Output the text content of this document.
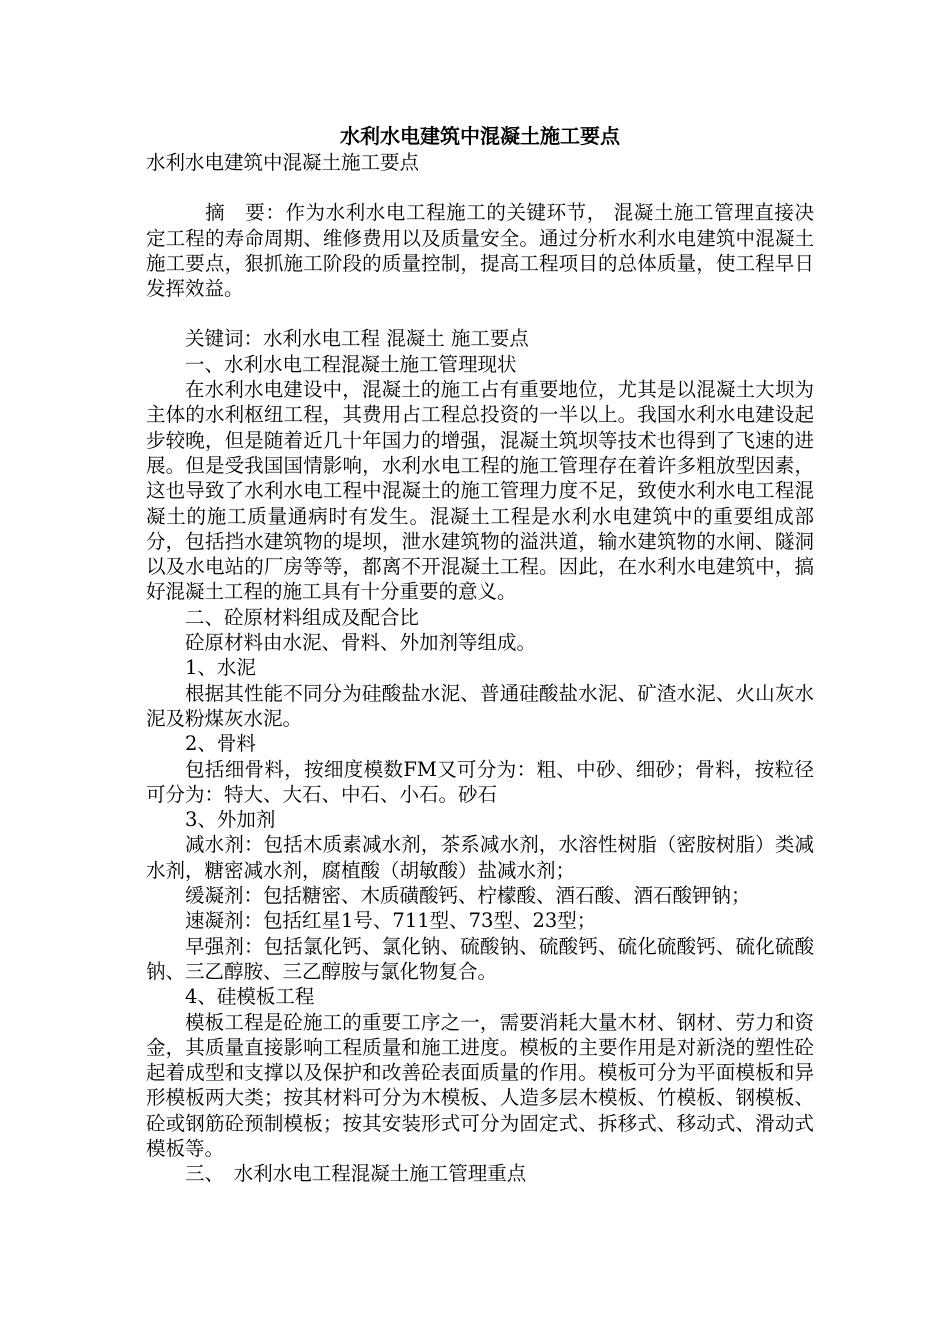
水利水电建筑中混凝土施工要点

水利水电建筑中混凝土施工要点

　摘　要：作为水利水电工程施工的关键环节， 混凝土施工管理直接决定工程的寿命周期、维修费用以及质量安全。通过分析水利水电建筑中混凝土施工要点，狠抓施工阶段的质量控制，提高工程项目的总体质量，使工程早日发挥效益。

关键词：水利水电工程 混凝土 施工要点

一、水利水电工程混凝土施工管理现状

在水利水电建设中，混凝土的施工占有重要地位，尤其是以混凝土大坝为主体的水利枢纽工程，其费用占工程总投资的一半以上。我国水利水电建设起步较晚，但是随着近几十年国力的增强，混凝土筑坝等技术也得到了飞速的进展。但是受我国国情影响，水利水电工程的施工管理存在着许多粗放型因素，这也导致了水利水电工程中混凝土的施工管理力度不足，致使水利水电工程混凝土的施工质量通病时有发生。混凝土工程是水利水电建筑中的重要组成部分，包括挡水建筑物的堤坝，泄水建筑物的溢洪道，输水建筑物的水闸、隧洞以及水电站的厂房等等，都离不开混凝土工程。因此，在水利水电建筑中，搞好混凝土工程的施工具有十分重要的意义。

二、砼原材料组成及配合比

砼原材料由水泥、骨料、外加剂等组成。

1、水泥

根据其性能不同分为硅酸盐水泥、普通硅酸盐水泥、矿渣水泥、火山灰水泥及粉煤灰水泥。

2、骨料

包括细骨料，按细度模数FM又可分为：粗、中砂、细砂；骨料，按粒径可分为：特大、大石、中石、小石。砂石

3、外加剂

减水剂：包括木质素减水剂，茶系减水剂，水溶性树脂（密胺树脂）类减水剂，糖密减水剂，腐植酸（胡敏酸）盐减水剂；

缓凝剂：包括糖密、木质磺酸钙、柠檬酸、酒石酸、酒石酸钾钠；

速凝剂：包括红星1号、711型、73型、23型；

早强剂：包括氯化钙、氯化钠、硫酸钠、硫酸钙、硫化硫酸钙、硫化硫酸钠、三乙醇胺、三乙醇胺与氯化物复合。

4、硅模板工程

模板工程是砼施工的重要工序之一，需要消耗大量木材、钢材、劳力和资金，其质量直接影响工程质量和施工进度。模板的主要作用是对新浇的塑性砼起着成型和支撑以及保护和改善砼表面质量的作用。模板可分为平面模板和异形模板两大类；按其材料可分为木模板、人造多层木模板、竹模板、钢模板、砼或钢筋砼预制模板；按其安装形式可分为固定式、拆移式、移动式、滑动式模板等。

三、　水利水电工程混凝土施工管理重点
